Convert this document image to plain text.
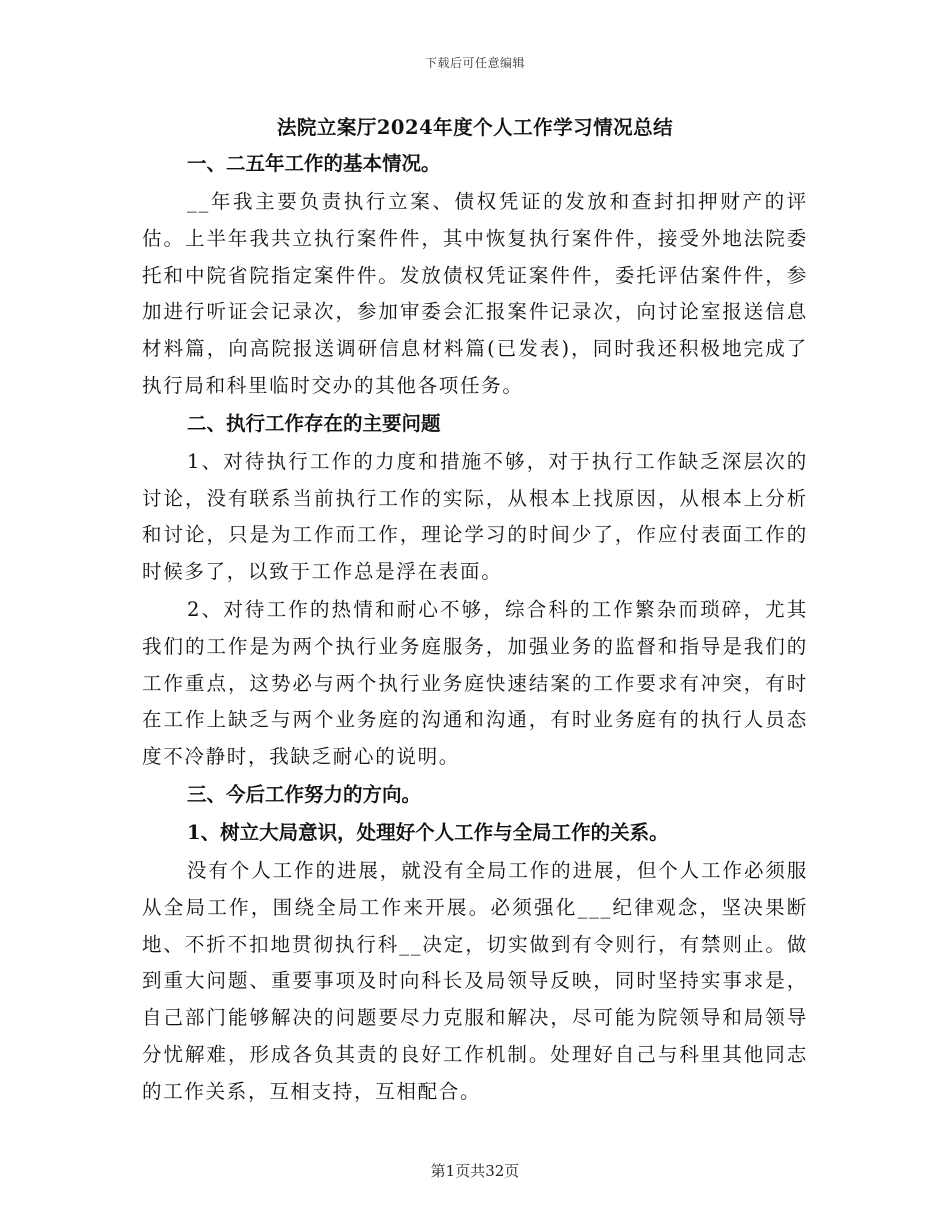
下载后可任意编辑
法院立案厅2024年度个人工作学习情况总结
一、二五年工作的基本情况。
__年我主要负责执行立案、债权凭证的发放和查封扣押财产的评估。上半年我共立执行案件件，其中恢复执行案件件，接受外地法院委托和中院省院指定案件件。发放债权凭证案件件，委托评估案件件，参加进行听证会记录次，参加审委会汇报案件记录次，向讨论室报送信息材料篇，向高院报送调研信息材料篇(已发表)，同时我还积极地完成了执行局和科里临时交办的其他各项任务。
二、执行工作存在的主要问题
1、对待执行工作的力度和措施不够，对于执行工作缺乏深层次的讨论，没有联系当前执行工作的实际，从根本上找原因，从根本上分析和讨论，只是为工作而工作，理论学习的时间少了，作应付表面工作的时候多了，以致于工作总是浮在表面。
2、对待工作的热情和耐心不够，综合科的工作繁杂而琐碎，尤其我们的工作是为两个执行业务庭服务，加强业务的监督和指导是我们的工作重点，这势必与两个执行业务庭快速结案的工作要求有冲突，有时在工作上缺乏与两个业务庭的沟通和沟通，有时业务庭有的执行人员态度不冷静时，我缺乏耐心的说明。
三、今后工作努力的方向。
1、树立大局意识，处理好个人工作与全局工作的关系。
没有个人工作的进展，就没有全局工作的进展，但个人工作必须服从全局工作，围绕全局工作来开展。必须强化___纪律观念，坚决果断地、不折不扣地贯彻执行科__决定，切实做到有令则行，有禁则止。做到重大问题、重要事项及时向科长及局领导反映，同时坚持实事求是，自己部门能够解决的问题要尽力克服和解决，尽可能为院领导和局领导分忧解难，形成各负其责的良好工作机制。处理好自己与科里其他同志的工作关系，互相支持，互相配合。
第1页共32页
